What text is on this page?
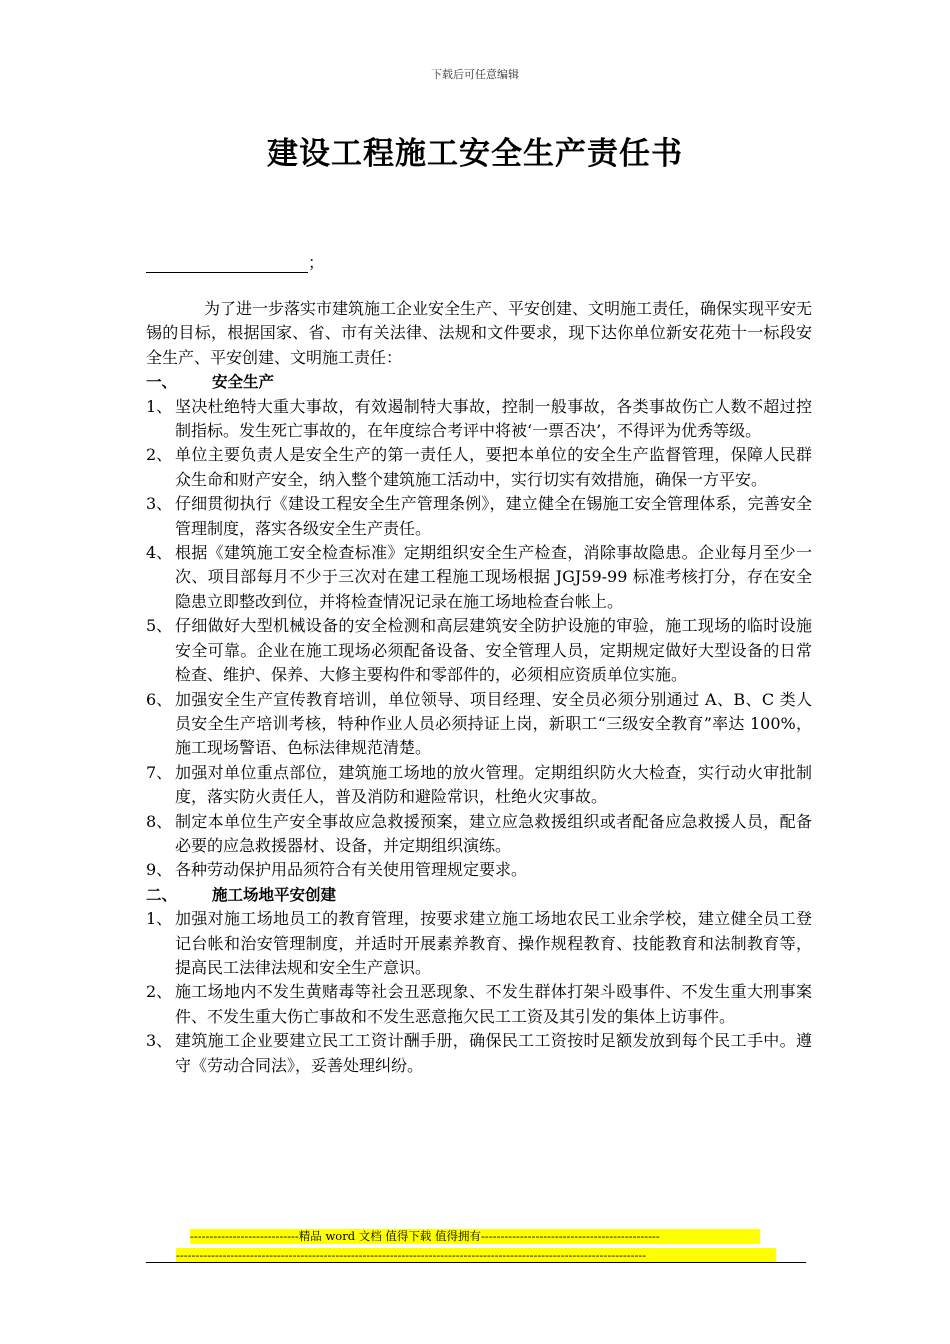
下载后可任意编辑
建设工程施工安全生产责任书
；

为了进一步落实市建筑施工企业安全生产、平安创建、文明施工责任，确保实现平安无锡的目标，根据国家、省、市有关法律、法规和文件要求，现下达你单位新安花苑十一标段安全生产、平安创建、文明施工责任：

一、 安全生产

1、 坚决杜绝特大重大事故，有效遏制特大事故，控制一般事故，各类事故伤亡人数不超过控制指标。发生死亡事故的，在年度综合考评中将被‘一票否决’，不得评为优秀等级。
2、 单位主要负责人是安全生产的第一责任人，要把本单位的安全生产监督管理，保障人民群众生命和财产安全，纳入整个建筑施工活动中，实行切实有效措施，确保一方平安。
3、 仔细贯彻执行《建设工程安全生产管理条例》，建立健全在锡施工安全管理体系，完善安全管理制度，落实各级安全生产责任。
4、 根据《建筑施工安全检查标准》定期组织安全生产检查，消除事故隐患。企业每月至少一次、项目部每月不少于三次对在建工程施工现场根据 JGJ59-99 标准考核打分，存在安全隐患立即整改到位，并将检查情况记录在施工场地检查台帐上。
5、 仔细做好大型机械设备的安全检测和高层建筑安全防护设施的审验，施工现场的临时设施安全可靠。企业在施工现场必须配备设备、安全管理人员，定期规定做好大型设备的日常检查、维护、保养、大修主要构件和零部件的，必须相应资质单位实施。
6、 加强安全生产宣传教育培训，单位领导、项目经理、安全员必须分别通过 A、B、C 类人员安全生产培训考核，特种作业人员必须持证上岗，新职工“三级安全教育”率达 100%，施工现场警语、色标法律规范清楚。
7、 加强对单位重点部位，建筑施工场地的放火管理。定期组织防火大检查，实行动火审批制度，落实防火责任人，普及消防和避险常识，杜绝火灾事故。
8、 制定本单位生产安全事故应急救援预案，建立应急救援组织或者配备应急救援人员，配备必要的应急救援器材、设备，并定期组织演练。
9、 各种劳动保护用品须符合有关使用管理规定要求。

二、 施工场地平安创建

1、 加强对施工场地员工的教育管理，按要求建立施工场地农民工业余学校，建立健全员工登记台帐和治安管理制度，并适时开展素养教育、操作规程教育、技能教育和法制教育等，提高民工法律法规和安全生产意识。
2、 施工场地内不发生黄赌毒等社会丑恶现象、不发生群体打架斗殴事件、不发生重大刑事案件、不发生重大伤亡事故和不发生恶意拖欠民工工资及其引发的集体上访事件。
3、 建筑施工企业要建立民工工资计酬手册，确保民工工资按时足额发放到每个民工手中。遵守《劳动合同法》，妥善处理纠纷。
----------------------------精品 word 文档 值得下载 值得拥有----------------------------------------------
-------------------------------------------------------------------------------------------------------------------------
